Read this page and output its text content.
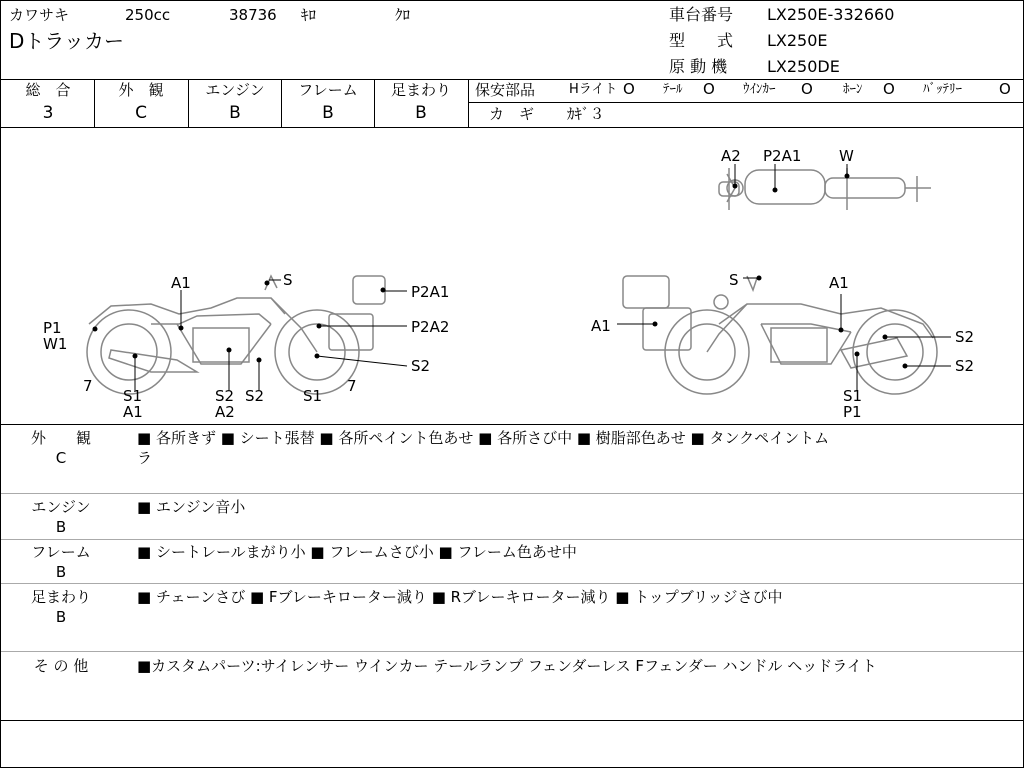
カワサキ	250cc	38736 ｷﾛ	ｸﾛ
Dトラッカー
車台番号 LX250E-332660
型　　式 LX250E
原 動 機 LX250DE
総　合
3
外　観
C
エンジン
B
フレーム
B
足まわり
B
保安部品	Hライト O ﾃｰﾙ O ｳｲﾝｶｰ O ﾎｰﾝ O ﾊﾞｯﾃﾘｰ O
カ　ギ ｶｷﾞ３
A1	S
P2A1
P2A2
P1
W1
S2
7	7
S1
A1
S2
A2
S2	S1
A2 P2A1	W
S	A1
A1
S2
S2
S1
P1
外　　観
C
■ 各所きず ■ シート張替 ■ 各所ペイント色あせ ■ 各所さび中 ■ 樹脂部色あせ ■ タンクペイントム
ラ
エンジン
B
■ エンジン音小
フレーム
B
■ シートレールまがり小 ■ フレームさび小 ■ フレーム色あせ中
足まわり
B
■ チェーンさび ■ Fブレーキローター減り ■ Rブレーキローター減り ■ トップブリッジさび中
そ の 他	■カスタムパーツ:サイレンサー ウインカー テールランプ フェンダーレス Fフェンダー ハンドル ヘッドライト
